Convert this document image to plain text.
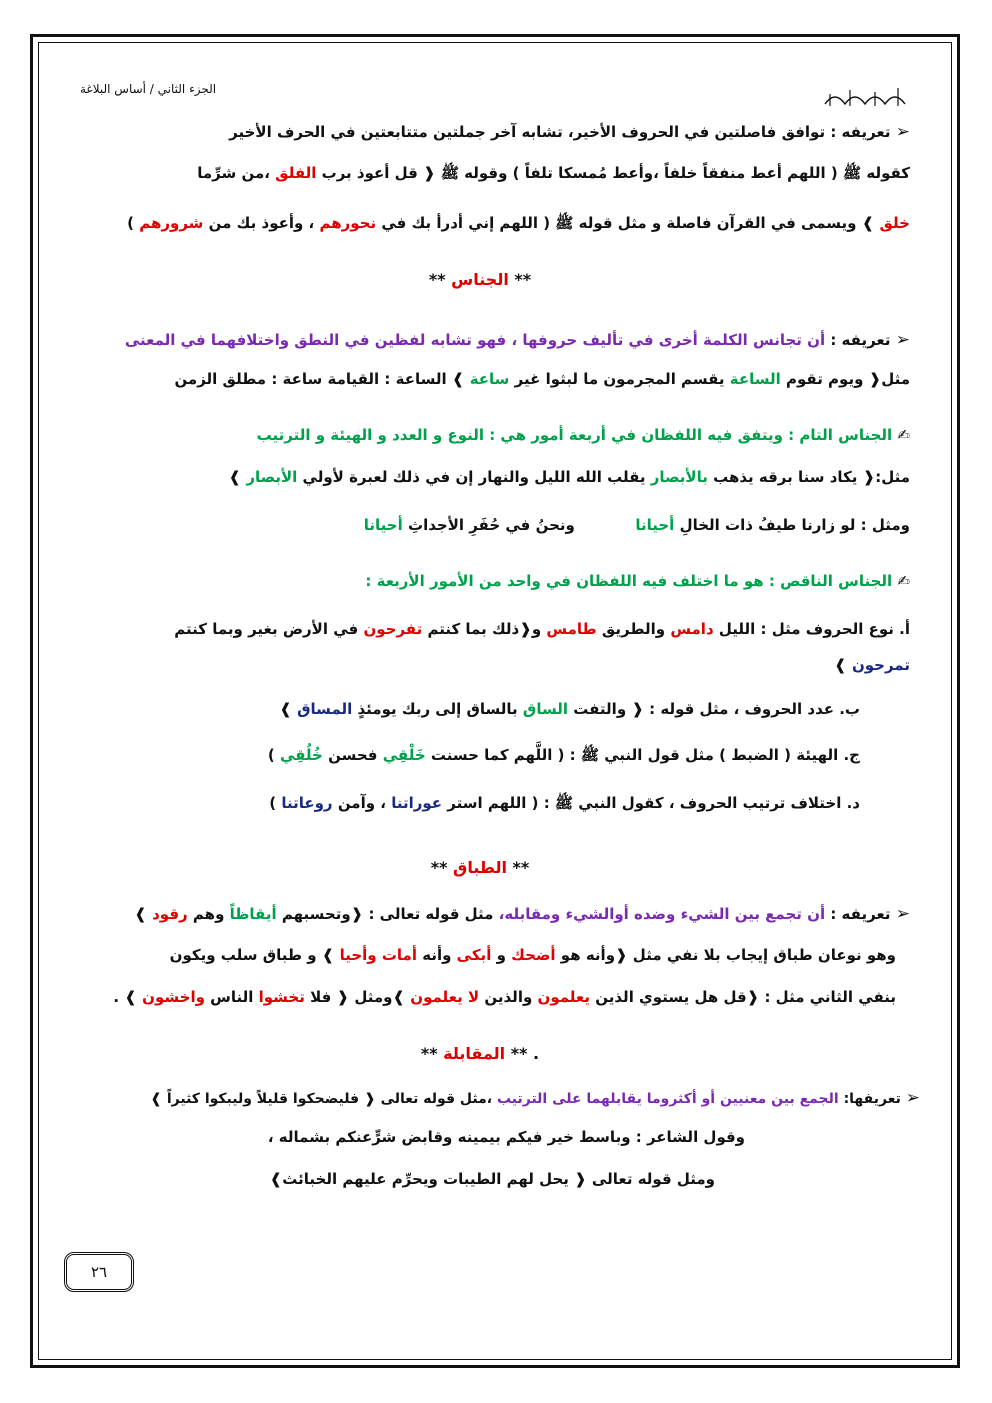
الجزء الثاني / أساس البلاغة
➢ تعريفه : توافق فاصلتين في الحروف الأخير، تشابه آخر جملتين متتابعتين في الحرف الأخير
كقوله ﷺ ( اللهم أعط منفقاً خلفاً ،وأعط مُمسكا تلفاً ) وقوله ﷺ ❰ قل أعوذ برب الفلق ،من شرِّما
خلق ❱ ويسمى في القرآن فاصلة و مثل قوله ﷺ ( اللهم إني أدرأ بك في نحورهم ، وأعوذ بك من شرورهم )
** الجناس **
➢ تعريفه : أن تجانس الكلمة أخرى في تأليف حروفها ، فهو تشابه لفظين في النطق واختلافهما في المعنى
مثل❰ ويوم تقوم الساعة يقسم المجرمون ما لبثوا غير ساعة ❱ الساعة : القيامة ساعة : مطلق الزمن
✍ الجناس التام : ويتفق فيه اللفظان في أربعة أمور هي : النوع و العدد و الهيئة و الترتيب
مثل:❰ يكاد سنا برقه يذهب بالأبصار يقلب الله الليل والنهار إن في ذلك لعبرة لأولي الأبصار ❱
ومثل : لو زارنا طيفُ ذات الخالِ أحيانا  ونحنُ في حُفَرِ الأجداثِ أحيانا
✍ الجناس الناقص : هو ما اختلف فيه اللفظان في واحد من الأمور الأربعة :
أ. نوع الحروف مثل : الليل دامس والطريق طامس و❰ذلك بما كنتم تفرحون في الأرض بغير وبما كنتم
تمرحون ❱
ب. عدد الحروف ، مثل قوله : ❰ والتفت الساق بالساق إلى ربك يومئذٍ المساق ❱
ج. الهيئة ( الضبط ) مثل قول النبي ﷺ : ( اللَّهم كما حسنت خَلْقِي فحسن خُلُقِي )
د. اختلاف ترتيب الحروف ، كقول النبي ﷺ : ( اللهم استر عوراتنا ، وآمن روعاتنا )
** الطباق **
➢ تعريفه : أن تجمع بين الشيء وضده أوالشيء ومقابله، مثل قوله تعالى : ❰وتحسبهم أيقاظاً وهم رقود ❱
وهو نوعان طباق إيجاب بلا نفي مثل ❰وأنه هو أضحك و أبكى وأنه أمات وأحيا ❱ و طباق سلب ويكون
بنفي الثاني مثل : ❰قل هل يستوي الذين يعلمون والذين لا يعلمون ❱ومثل ❰ فلا تخشوا الناس واخشون ❱ .
. ** المقابلة **
➢ تعريفها: الجمع بين معنيين أو أكثروما يقابلهما على الترتيب ،مثل قوله تعالى ❰ فليضحكوا قليلاً وليبكوا كثيراً ❱
وقول الشاعر : وباسط خير فيكم بيمينه وقابض شرٍّعنكم بشماله ،
ومثل قوله تعالى ❰ يحل لهم الطيبات ويحرِّم عليهم الخبائث❱
٢٦
